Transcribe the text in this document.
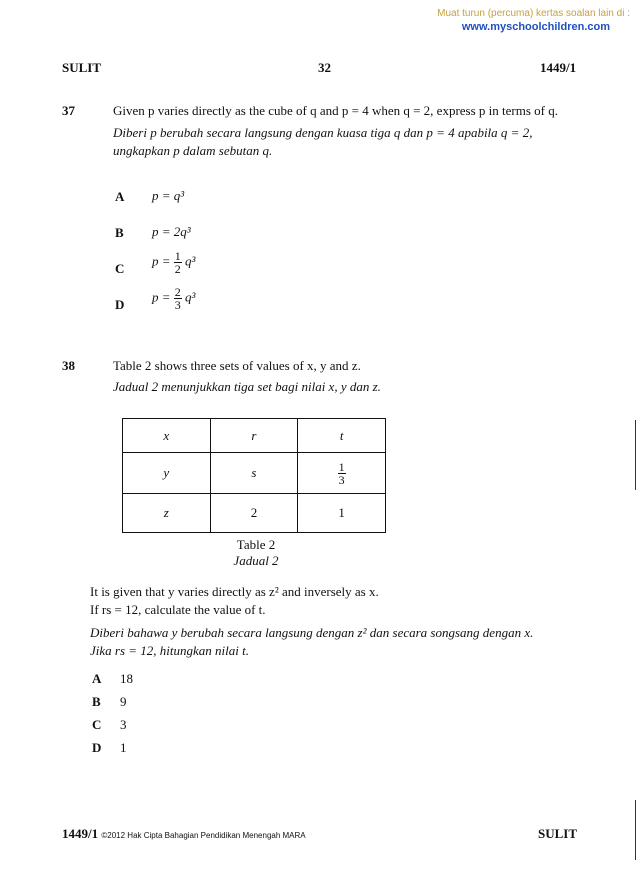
Muat turun (percuma) kertas soalan lain di :
www.myschoolchildren.com
SULIT	32	1449/1
37	Given p varies directly as the cube of q and p = 4 when q = 2, express p in terms of q.
Diberi p berubah secara langsung dengan kuasa tiga q dan p = 4 apabila q = 2,
ungkapkan p dalam sebutan q.
A p = q³
B p = 2q³
C
$p = \frac{1}{2} q^3$
D
$p = \frac{2}{3} q^3$
38	Table 2 shows three sets of values of x, y and z.
Jadual 2 menunjukkan tiga set bagi nilai x, y dan z.
x	r	t
y	s	$\frac{1}{3}$

z	2	1
Table 2
Jadual 2
It is given that y varies directly as z² and inversely as x.
If rs = 12, calculate the value of t.
Diberi bahawa y berubah secara langsung dengan z² dan secara songsang dengan x.
Jika rs = 12, hitungkan nilai t.
A 18
B 9
C 3
D 1
1449/1 ©2012 Hak Cipta Bahagian Pendidikan Menengah MARA	SULIT
